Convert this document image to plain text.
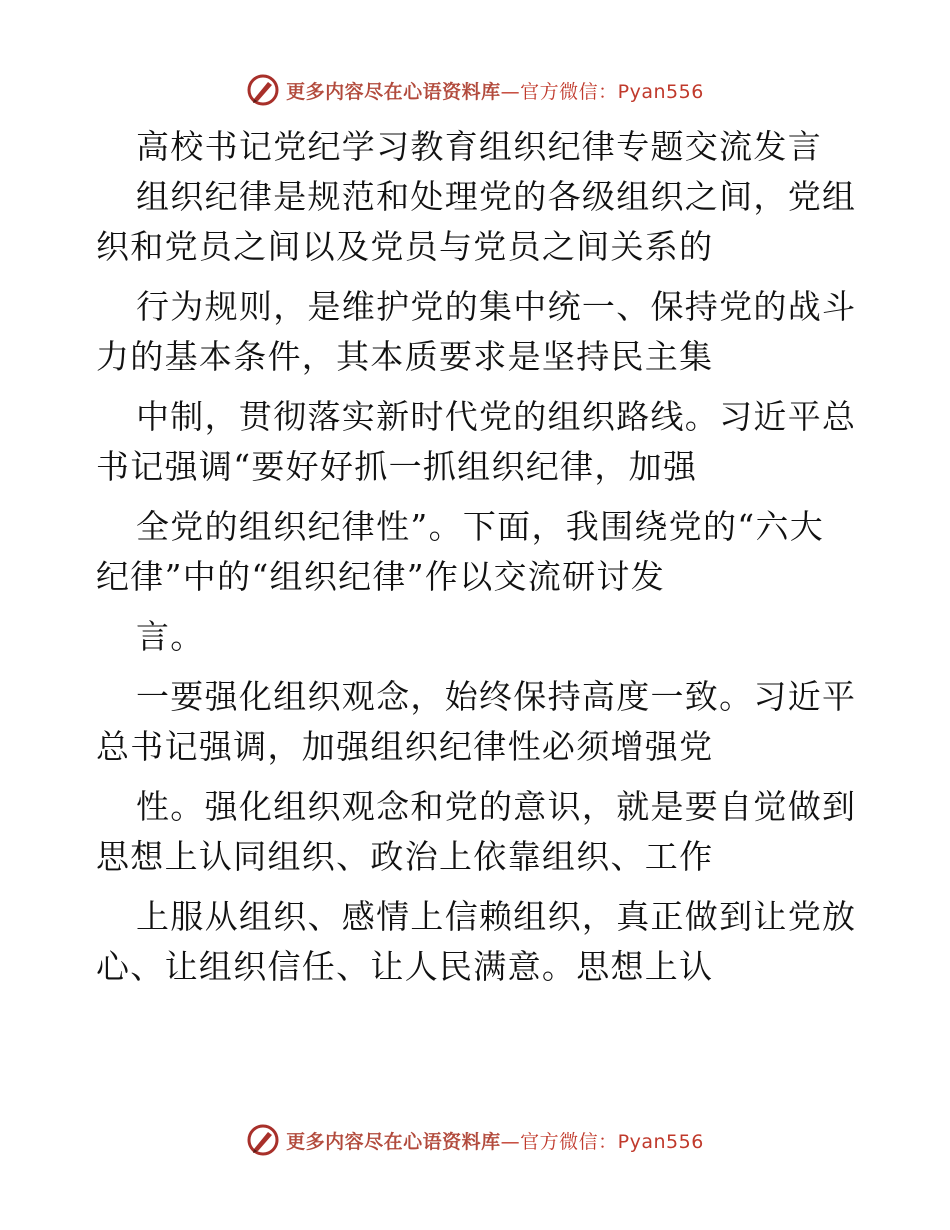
更多内容尽在心语资料库—官方微信：Pyan556
高校书记党纪学习教育组织纪律专题交流发言
组织纪律是规范和处理党的各级组织之间，党组
织和党员之间以及党员与党员之间关系的
行为规则，是维护党的集中统一、保持党的战斗
力的基本条件，其本质要求是坚持民主集
中制，贯彻落实新时代党的组织路线。习近平总
书记强调“要好好抓一抓组织纪律，加强
全党的组织纪律性”。下面，我围绕党的“六大
纪律”中的“组织纪律”作以交流研讨发
言。
一要强化组织观念，始终保持高度一致。习近平
总书记强调，加强组织纪律性必须增强党
性。强化组织观念和党的意识，就是要自觉做到
思想上认同组织、政治上依靠组织、工作
上服从组织、感情上信赖组织，真正做到让党放
心、让组织信任、让人民满意。思想上认
更多内容尽在心语资料库—官方微信：Pyan556
